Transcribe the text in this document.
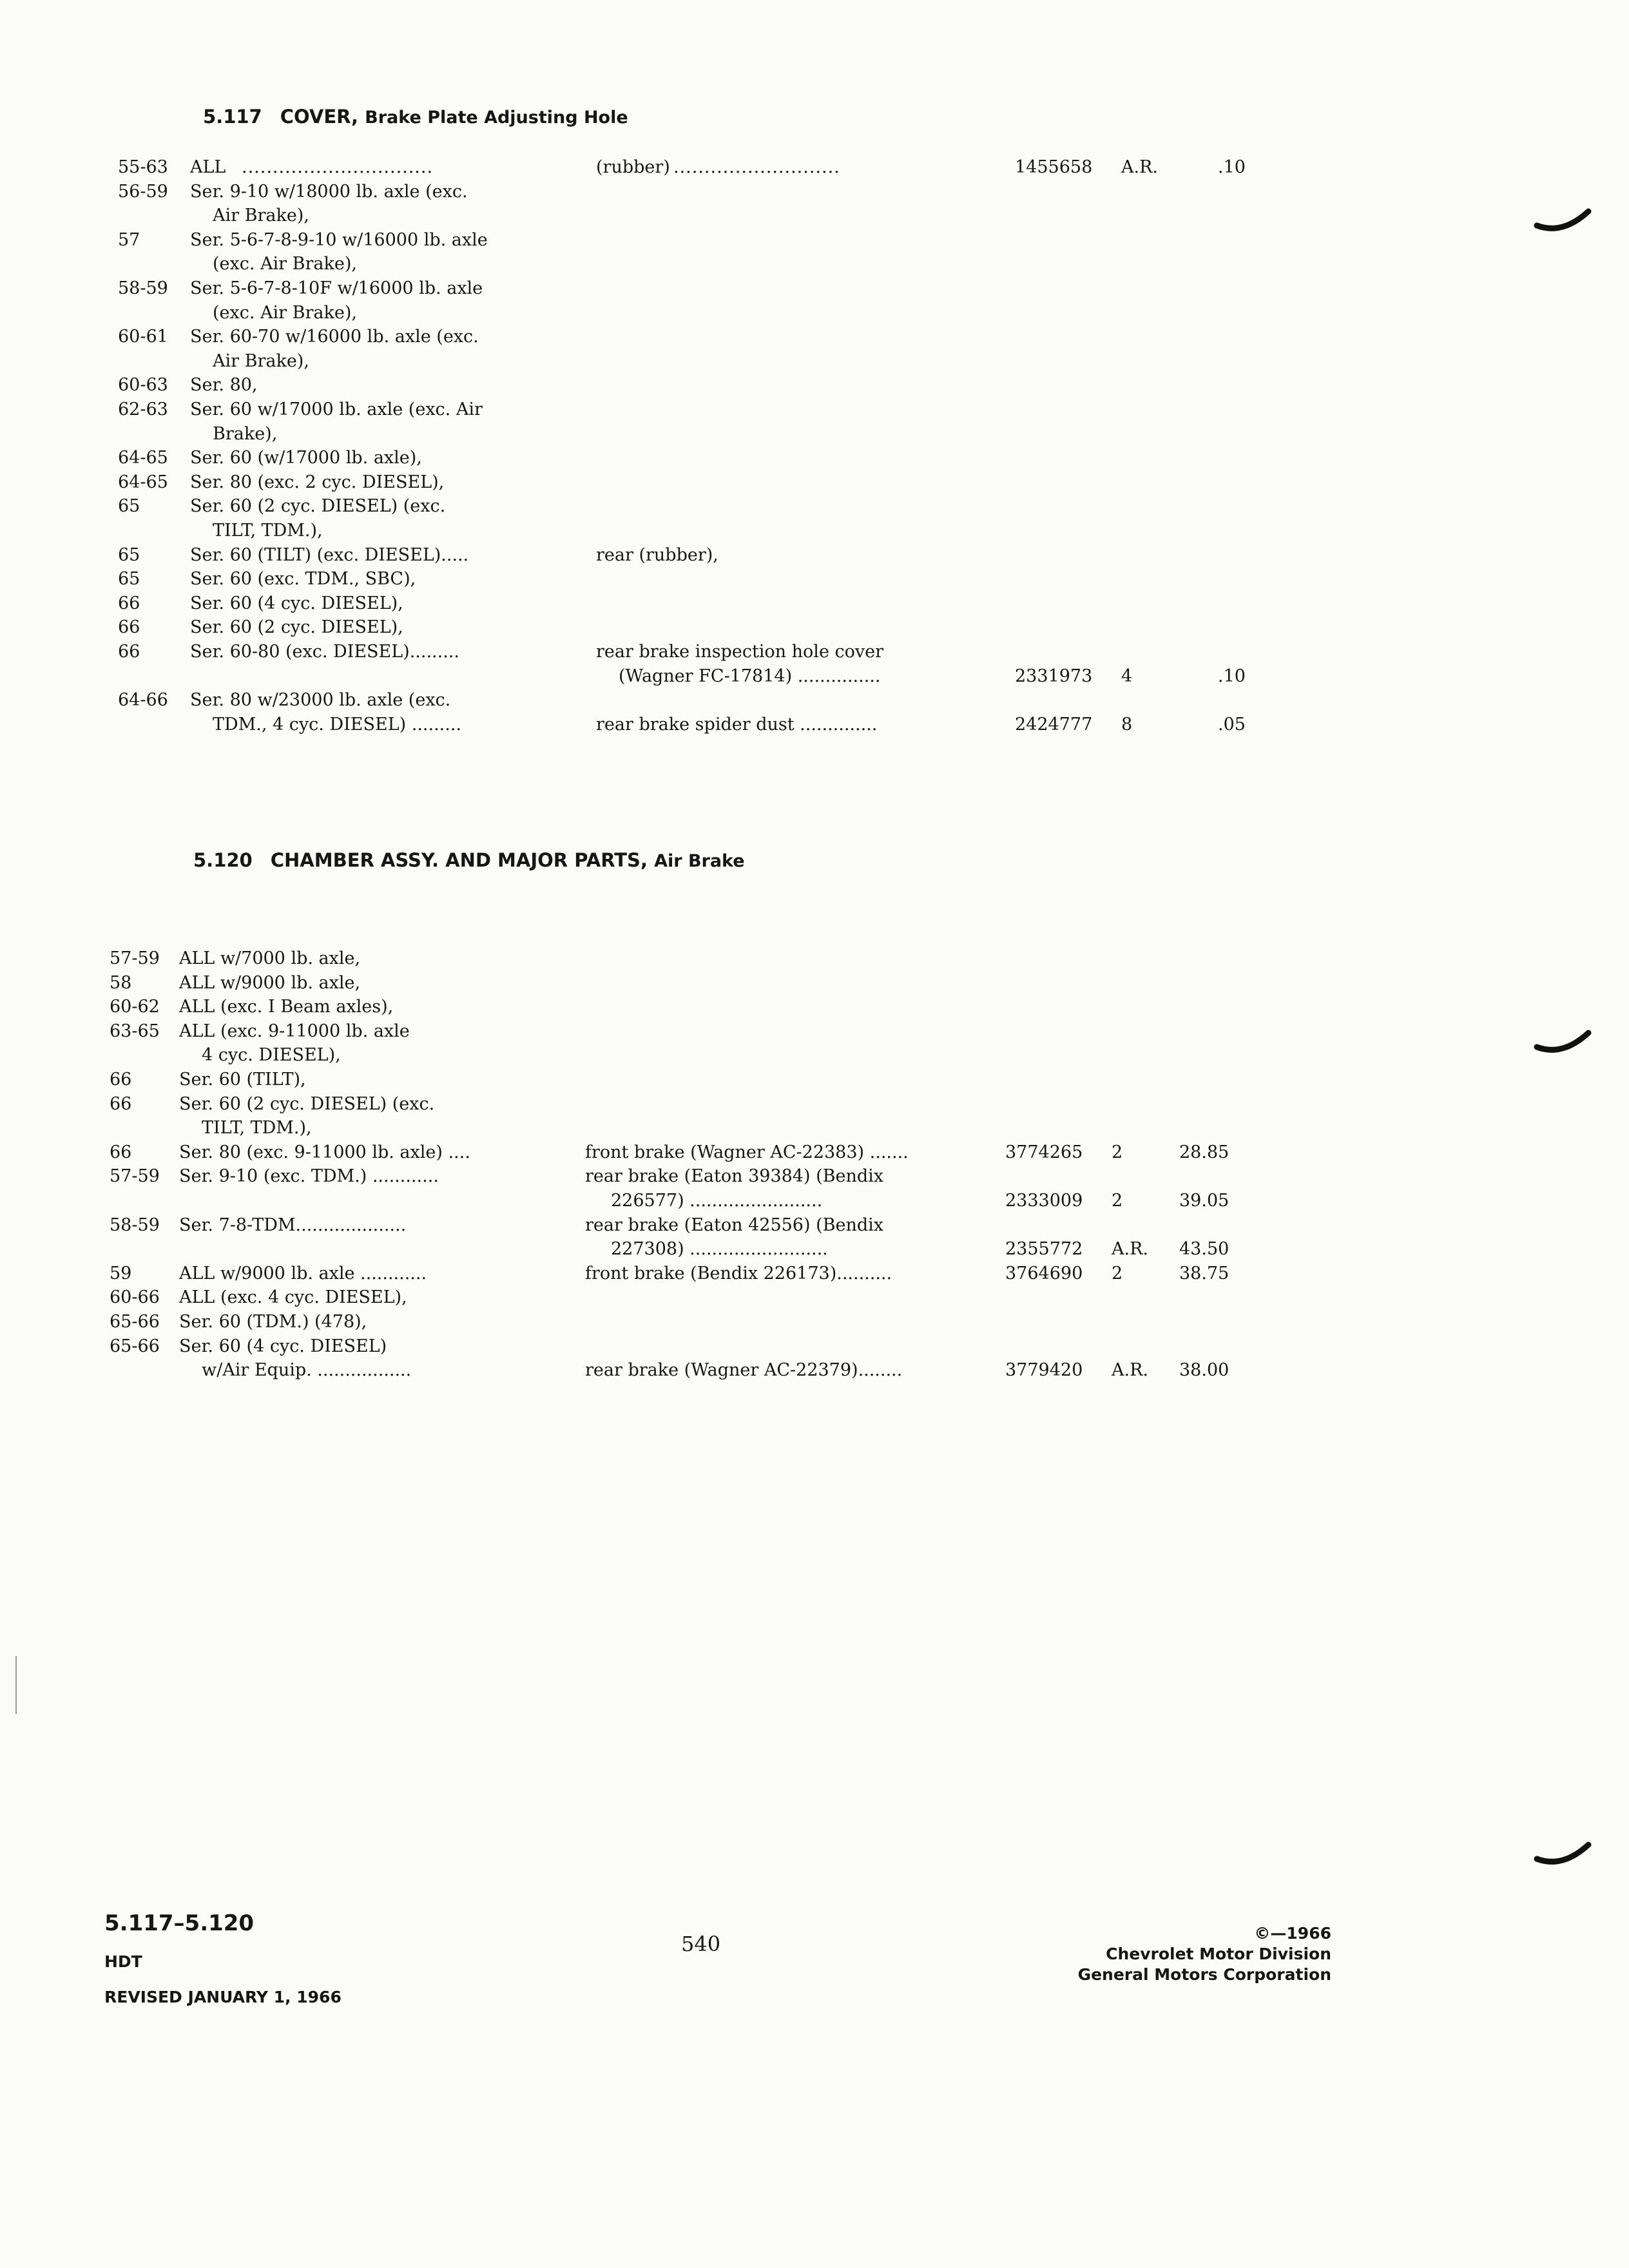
5.117 COVER, Brake Plate Adjusting Hole
55-63 ALL ...............................	(rubber) ...........................	1455658 A.R.	.10
56-59 Ser. 9-10 w/18000 lb. axle (exc.
Air Brake),
57	Ser. 5-6-7-8-9-10 w/16000 lb. axle
(exc. Air Brake),
58-59 Ser. 5-6-7-8-10F w/16000 lb. axle
(exc. Air Brake),
60-61 Ser. 60-70 w/16000 lb. axle (exc.
Air Brake),
60-63 Ser. 80,
62-63 Ser. 60 w/17000 lb. axle (exc. Air
Brake),
64-65 Ser. 60 (w/17000 lb. axle),
64-65 Ser. 80 (exc. 2 cyc. DIESEL),
65	Ser. 60 (2 cyc. DIESEL) (exc.
TILT, TDM.),
65	Ser. 60 (TILT) (exc. DIESEL).....	rear (rubber),
65	Ser. 60 (exc. TDM., SBC),
66	Ser. 60 (4 cyc. DIESEL),
66	Ser. 60 (2 cyc. DIESEL),
66	Ser. 60-80 (exc. DIESEL).........	rear brake inspection hole cover
(Wagner FC-17814) ...............	2331973 4	.10
64-66 Ser. 80 w/23000 lb. axle (exc.
TDM., 4 cyc. DIESEL) .........	rear brake spider dust ..............	2424777 8	.05
5.120 CHAMBER ASSY. AND MAJOR PARTS, Air Brake
57-59 ALL w/7000 lb. axle,
58	ALL w/9000 lb. axle,
60-62 ALL (exc. I Beam axles),
63-65 ALL (exc. 9-11000 lb. axle
4 cyc. DIESEL),
66	Ser. 60 (TILT),
66	Ser. 60 (2 cyc. DIESEL) (exc.
TILT, TDM.),
66	Ser. 80 (exc. 9-11000 lb. axle) ....	front brake (Wagner AC-22383) .......	3774265 2	28.85
57-59 Ser. 9-10 (exc. TDM.) ............	rear brake (Eaton 39384) (Bendix
226577) ........................	2333009 2	39.05
58-59 Ser. 7-8-TDM....................	rear brake (Eaton 42556) (Bendix
227308) .........................	2355772 A.R. 43.50
59	ALL w/9000 lb. axle ............	front brake (Bendix 226173)..........	3764690 2	38.75
60-66 ALL (exc. 4 cyc. DIESEL),
65-66 Ser. 60 (TDM.) (478),
65-66 Ser. 60 (4 cyc. DIESEL)
w/Air Equip. .................	rear brake (Wagner AC-22379)........	3779420 A.R. 38.00
5.117–5.120
HDT
REVISED JANUARY 1, 1966
540	©—1966
Chevrolet Motor Division
General Motors Corporation
